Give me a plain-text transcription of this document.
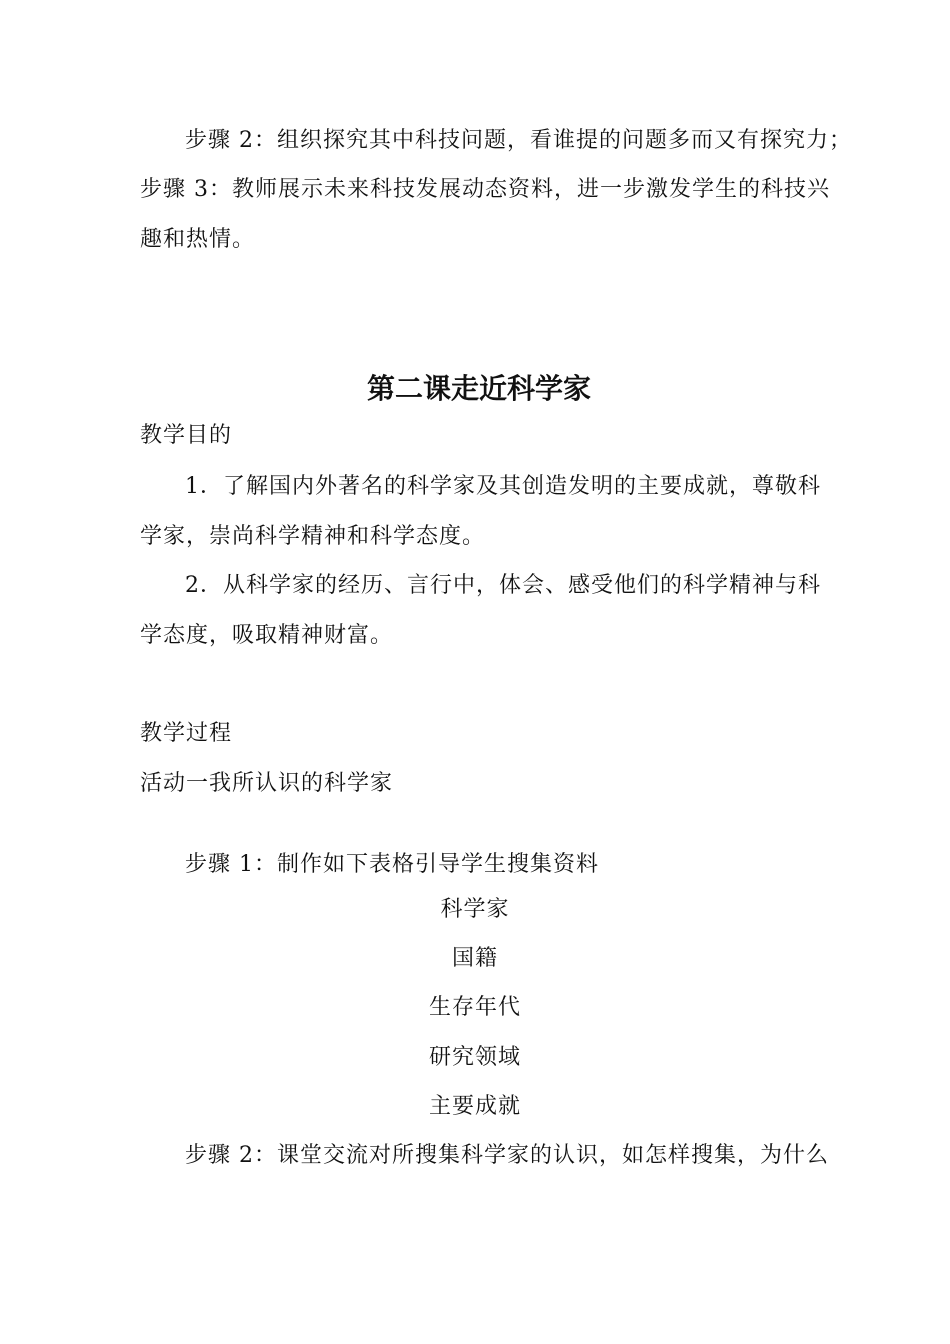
步骤 2：组织探究其中科技问题，看谁提的问题多而又有探究力；
步骤 3：教师展示未来科技发展动态资料，进一步激发学生的科技兴
趣和热情。
第二课走近科学家
教学目的
1．了解国内外著名的科学家及其创造发明的主要成就，尊敬科
学家，崇尚科学精神和科学态度。
2．从科学家的经历、言行中，体会、感受他们的科学精神与科
学态度，吸取精神财富。
教学过程
活动一我所认识的科学家
步骤 1：制作如下表格引导学生搜集资料
科学家
国籍
生存年代
研究领域
主要成就
步骤 2：课堂交流对所搜集科学家的认识，如怎样搜集，为什么
